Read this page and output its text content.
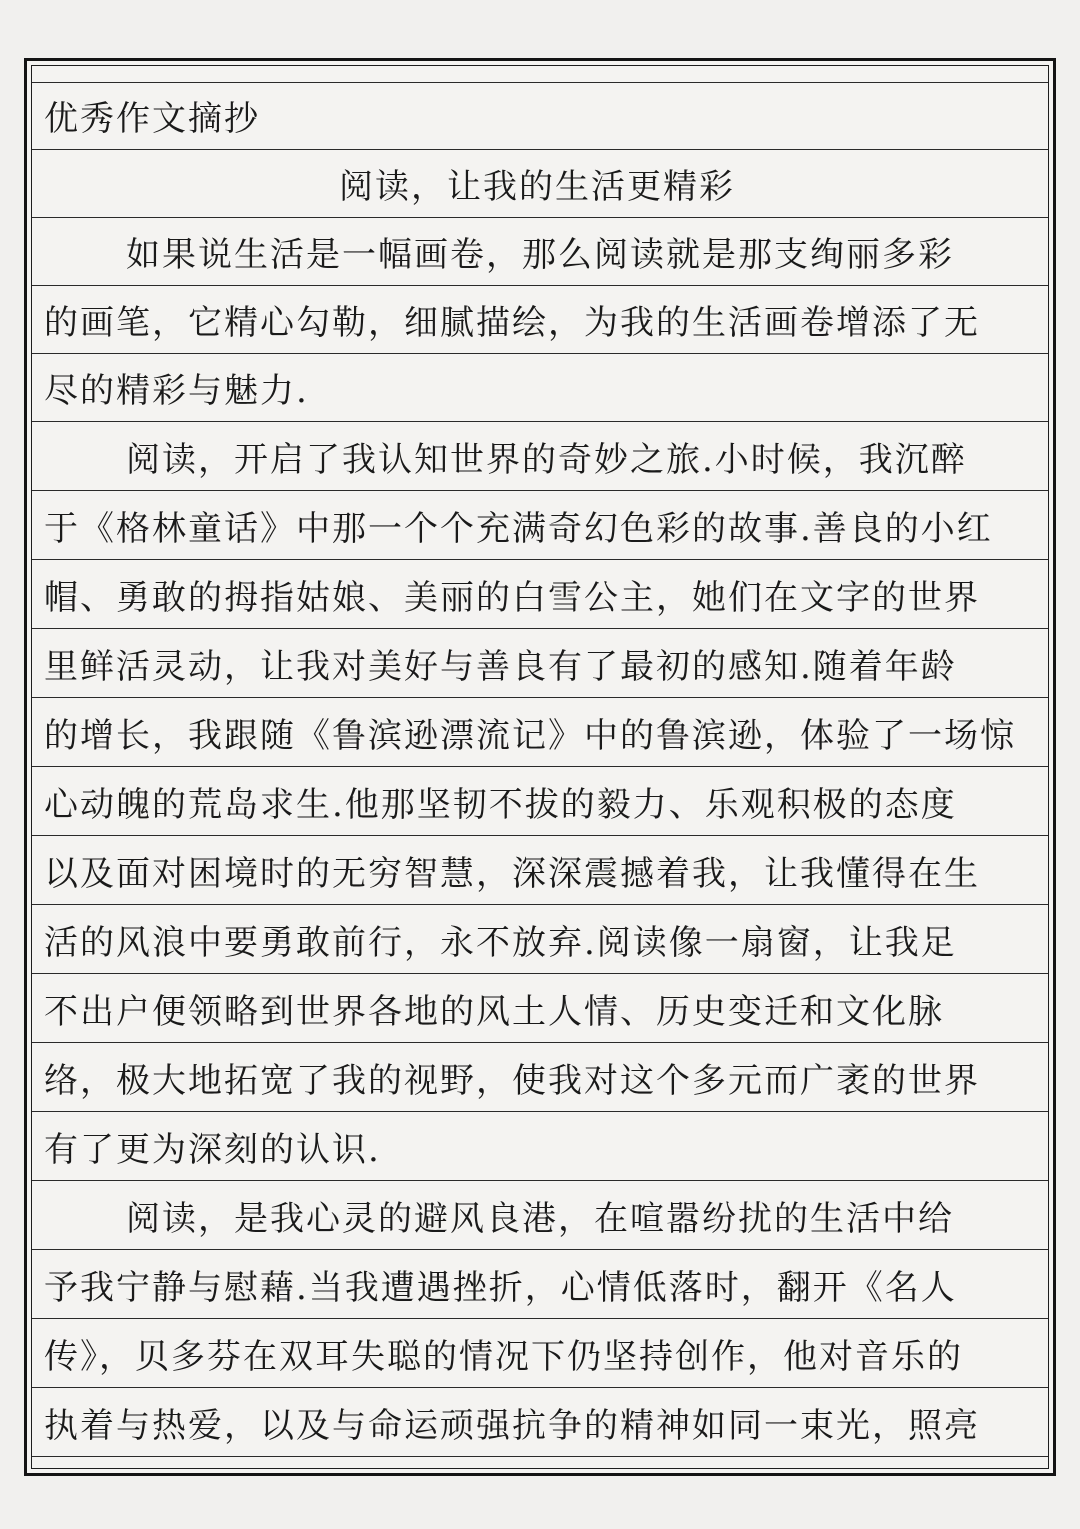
优秀作文摘抄
阅读，让我的生活更精彩
如果说生活是一幅画卷，那么阅读就是那支绚丽多彩
的画笔，它精心勾勒，细腻描绘，为我的生活画卷增添了无
尽的精彩与魅力.
阅读，开启了我认知世界的奇妙之旅.小时候，我沉醉
于《格林童话》中那一个个充满奇幻色彩的故事.善良的小红
帽、勇敢的拇指姑娘、美丽的白雪公主，她们在文字的世界
里鲜活灵动，让我对美好与善良有了最初的感知.随着年龄
的增长，我跟随《鲁滨逊漂流记》中的鲁滨逊，体验了一场惊
心动魄的荒岛求生.他那坚韧不拔的毅力、乐观积极的态度
以及面对困境时的无穷智慧，深深震撼着我，让我懂得在生
活的风浪中要勇敢前行，永不放弃.阅读像一扇窗，让我足
不出户便领略到世界各地的风土人情、历史变迁和文化脉
络，极大地拓宽了我的视野，使我对这个多元而广袤的世界
有了更为深刻的认识.
阅读，是我心灵的避风良港，在喧嚣纷扰的生活中给
予我宁静与慰藉.当我遭遇挫折，心情低落时，翻开《名人
传》，贝多芬在双耳失聪的情况下仍坚持创作，他对音乐的
执着与热爱，以及与命运顽强抗争的精神如同一束光，照亮
